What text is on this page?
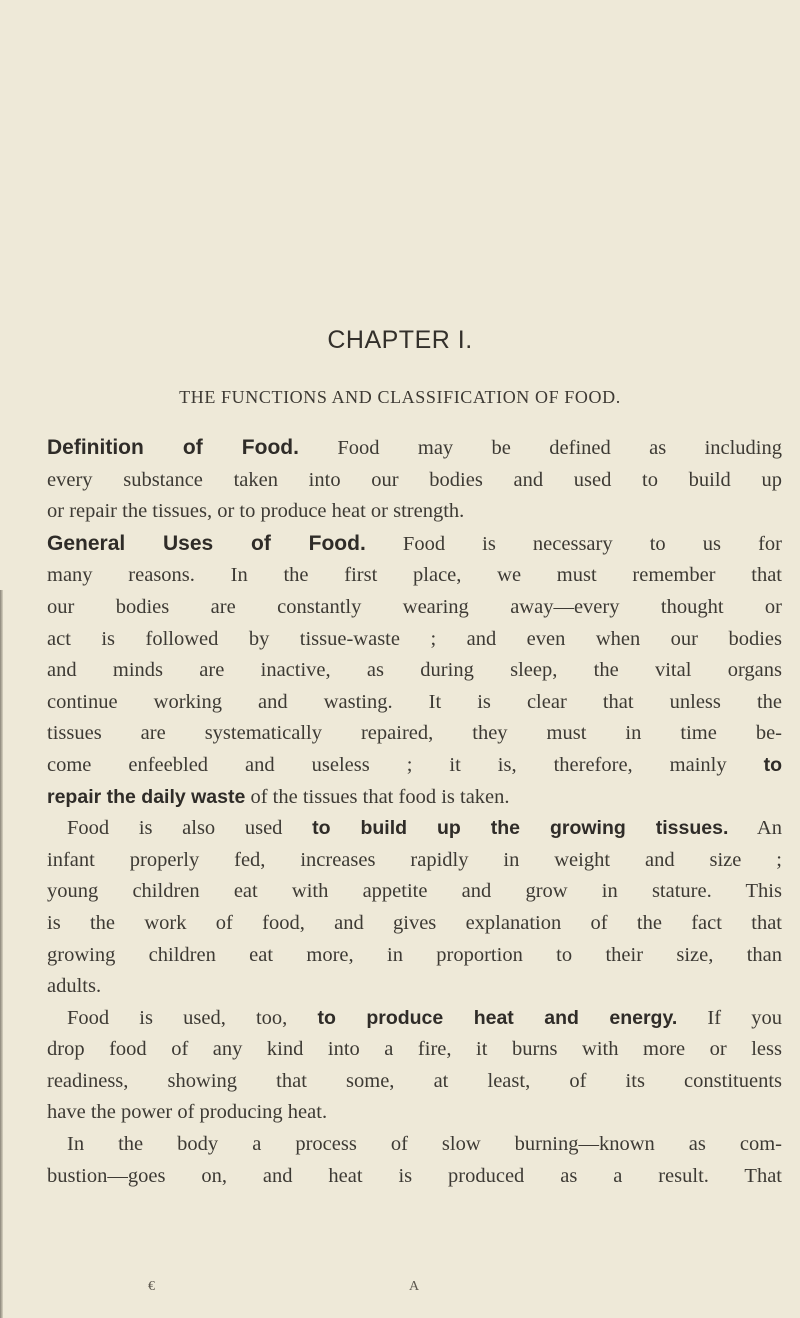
CHAPTER I.
THE FUNCTIONS AND CLASSIFICATION OF FOOD.
Definition of Food. Food may be defined as including
every substance taken into our bodies and used to build up
or repair the tissues, or to produce heat or strength.
General Uses of Food. Food is necessary to us for
many reasons. In the first place, we must remember that
our bodies are constantly wearing away—every thought or
act is followed by tissue-waste ; and even when our bodies
and minds are inactive, as during sleep, the vital organs
continue working and wasting. It is clear that unless the
tissues are systematically repaired, they must in time be-
come enfeebled and useless ; it is, therefore, mainly to
repair the daily waste of the tissues that food is taken.
Food is also used to build up the growing tissues. An
infant properly fed, increases rapidly in weight and size ;
young children eat with appetite and grow in stature. This
is the work of food, and gives explanation of the fact that
growing children eat more, in proportion to their size, than
adults.
Food is used, too, to produce heat and energy. If you
drop food of any kind into a fire, it burns with more or less
readiness, showing that some, at least, of its constituents
have the power of producing heat.
In the body a process of slow burning—known as com-
bustion—goes on, and heat is produced as a result. That
€	A
